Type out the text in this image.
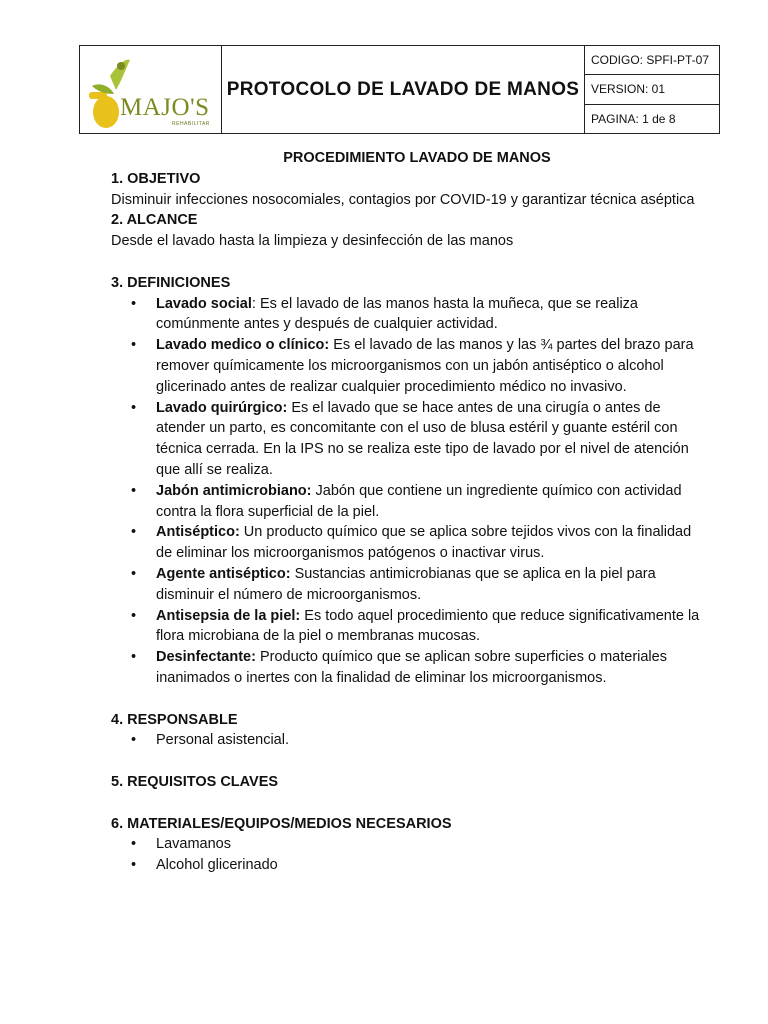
MAJO'S
REHABILITAR
PROTOCOLO DE LAVADO DE MANOS
CODIGO: SPFI-PT-07
VERSION: 01
PAGINA: 1 de 8
PROCEDIMIENTO LAVADO DE MANOS
1. OBJETIVO
Disminuir infecciones nosocomiales, contagios por COVID-19 y garantizar técnica aséptica
2. ALCANCE
Desde el lavado hasta la limpieza y desinfección de las manos
3. DEFINICIONES
• Lavado social: Es el lavado de las manos hasta la muñeca, que se realiza comúnmente antes y después de cualquier actividad.
• Lavado medico o clínico: Es el lavado de las manos y las ¾ partes del brazo para remover químicamente los microorganismos con un jabón antiséptico o alcohol glicerinado antes de realizar cualquier procedimiento médico no invasivo.
• Lavado quirúrgico: Es el lavado que se hace antes de una cirugía o antes de atender un parto, es concomitante con el uso de blusa estéril y guante estéril con técnica cerrada. En la IPS no se realiza este tipo de lavado por el nivel de atención que allí se realiza.
• Jabón antimicrobiano: Jabón que contiene un ingrediente químico con actividad contra la flora superficial de la piel.
• Antiséptico: Un producto químico que se aplica sobre tejidos vivos con la finalidad de eliminar los microorganismos patógenos o inactivar virus.
• Agente antiséptico: Sustancias antimicrobianas que se aplica en la piel para disminuir el número de microorganismos.
• Antisepsia de la piel: Es todo aquel procedimiento que reduce significativamente la flora microbiana de la piel o membranas mucosas.
• Desinfectante: Producto químico que se aplican sobre superficies o materiales inanimados o inertes con la finalidad de eliminar los microorganismos.
4. RESPONSABLE
• Personal asistencial.
5. REQUISITOS CLAVES
6. MATERIALES/EQUIPOS/MEDIOS NECESARIOS
• Lavamanos
• Alcohol glicerinado
